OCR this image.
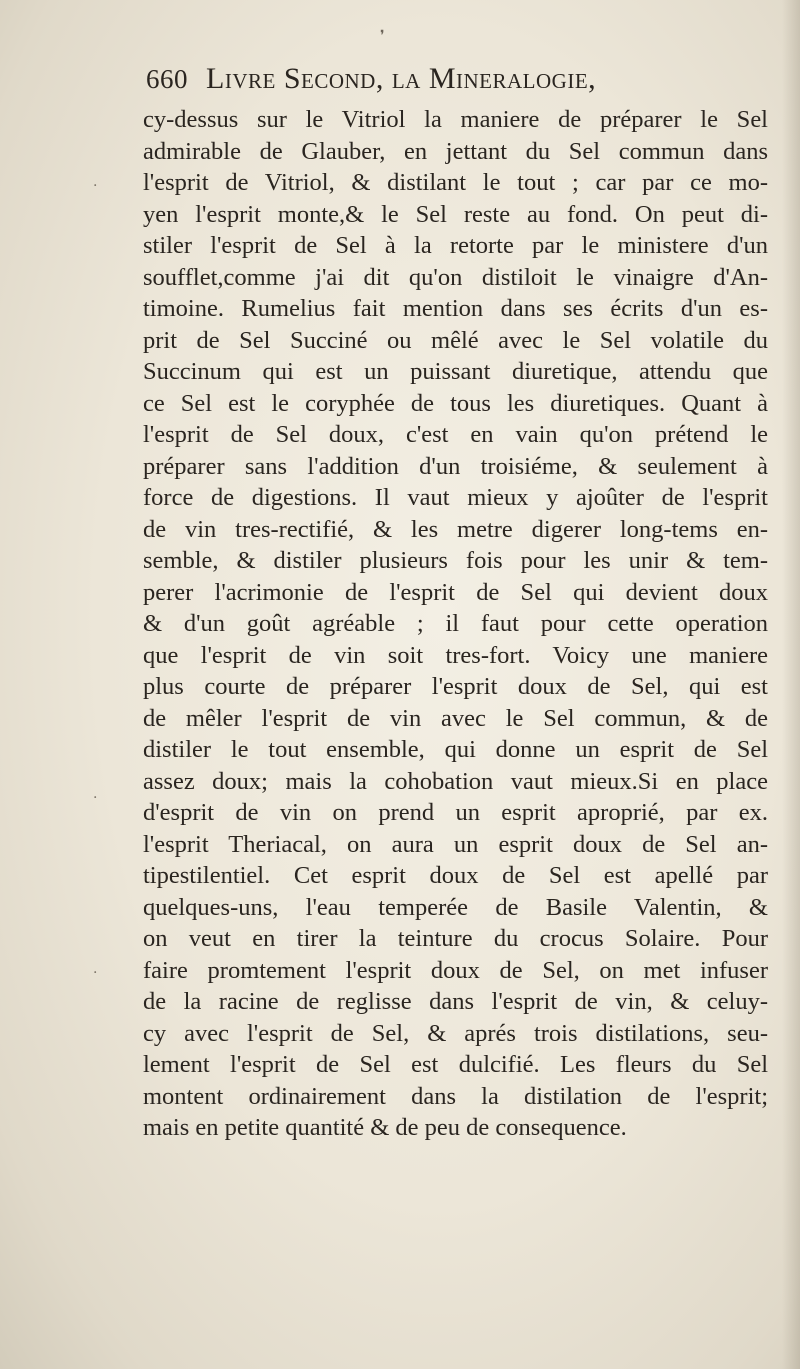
❜
660 Livre Second, la Mineralogie,
·
·
·
cy-dessus sur le Vitriol la maniere de préparer le Sel
admirable de Glauber, en jettant du Sel commun dans
l'esprit de Vitriol, & distilant le tout ; car par ce mo-
yen l'esprit monte,& le Sel reste au fond. On peut di-
stiler l'esprit de Sel à la retorte par le ministere d'un
soufflet,comme j'ai dit qu'on distiloit le vinaigre d'An-
timoine. Rumelius fait mention dans ses écrits d'un es-
prit de Sel Succiné ou mêlé avec le Sel volatile du
Succinum qui est un puissant diuretique, attendu que
ce Sel est le coryphée de tous les diuretiques. Quant à
l'esprit de Sel doux, c'est en vain qu'on prétend le
préparer sans l'addition d'un troisiéme, & seulement à
force de digestions. Il vaut mieux y ajoûter de l'esprit
de vin tres-rectifié, & les metre digerer long-tems en-
semble, & distiler plusieurs fois pour les unir & tem-
perer l'acrimonie de l'esprit de Sel qui devient doux
& d'un goût agréable ; il faut pour cette operation
que l'esprit de vin soit tres-fort. Voicy une maniere
plus courte de préparer l'esprit doux de Sel, qui est
de mêler l'esprit de vin avec le Sel commun, & de
distiler le tout ensemble, qui donne un esprit de Sel
assez doux; mais la cohobation vaut mieux.Si en place
d'esprit de vin on prend un esprit aproprié, par ex.
l'esprit Theriacal, on aura un esprit doux de Sel an-
tipestilentiel. Cet esprit doux de Sel est apellé par
quelques-uns, l'eau temperée de Basile Valentin, &
on veut en tirer la teinture du crocus Solaire. Pour
faire promtement l'esprit doux de Sel, on met infuser
de la racine de reglisse dans l'esprit de vin, & celuy-
cy avec l'esprit de Sel, & aprés trois distilations, seu-
lement l'esprit de Sel est dulcifié. Les fleurs du Sel
montent ordinairement dans la distilation de l'esprit;
mais en petite quantité & de peu de consequence.
